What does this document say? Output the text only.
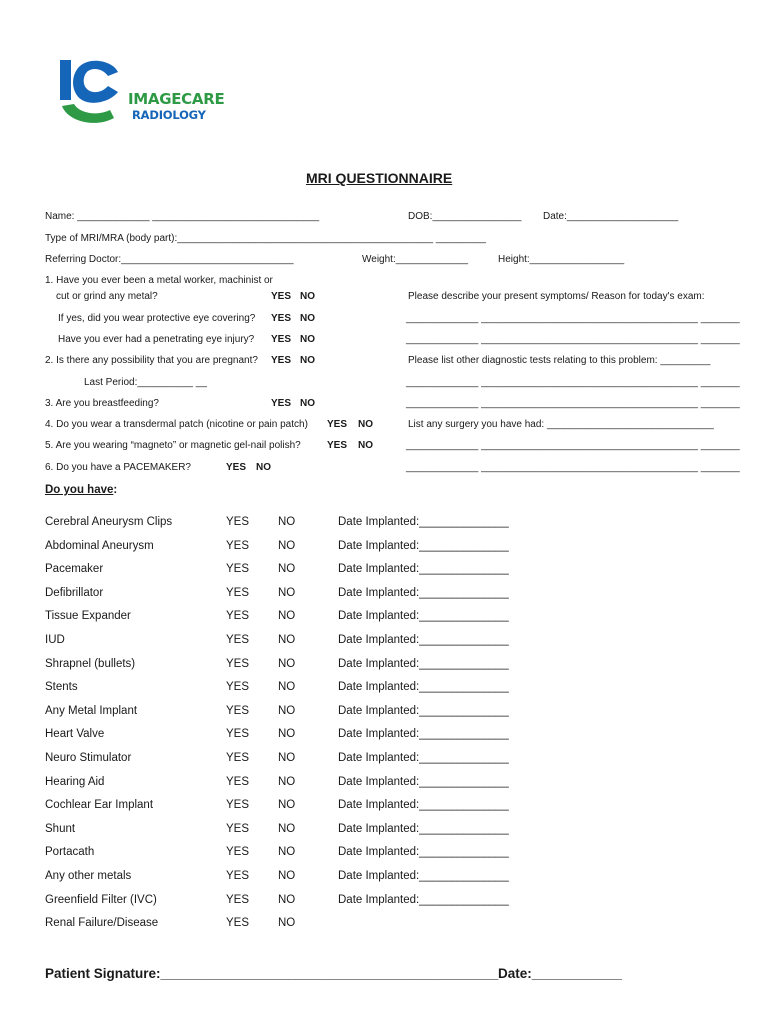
IMAGECARE
RADIOLOGY
MRI QUESTIONNAIRE
Name: _____________ ______________________________	DOB:________________ Date:____________________
Type of MRI/MRA (body part):______________________________________________ _________
Referring Doctor:_______________________________	Weight:_____________	Height:_________________
1. Have you ever been a metal worker, machinist or
cut or grind any metal?	YES NO
If yes, did you wear protective eye covering? YES NO
Have you ever had a penetrating eye injury? YES NO
2. Is there any possibility that you are pregnant? YES NO
Last Period:__________ __
3. Are you breastfeeding?	YES NO
4. Do you wear a transdermal patch (nicotine or pain patch) YES NO
5. Are you wearing “magneto” or magnetic gel-nail polish?	YES NO
6. Do you have a PACEMAKER?	YES NO
Please describe your present symptoms/ Reason for today's exam:
_____________ _______________________________________ _______
_____________ _______________________________________ _______
Please list other diagnostic tests relating to this problem: _________
_____________ _______________________________________ _______
_____________ _______________________________________ _______
List any surgery you have had: ______________________________
_____________ _______________________________________ _______
_____________ _______________________________________ _______
Do you have:
Cerebral Aneurysm Clips	YES	NO	Date Implanted:______________
Abdominal Aneurysm	YES	NO	Date Implanted:______________
Pacemaker	YES	NO	Date Implanted:______________
Defibrillator	YES	NO	Date Implanted:______________
Tissue Expander	YES	NO	Date Implanted:______________
IUD	YES	NO	Date Implanted:______________
Shrapnel (bullets)	YES	NO	Date Implanted:______________
Stents	YES	NO	Date Implanted:______________
Any Metal Implant	YES	NO	Date Implanted:______________
Heart Valve	YES	NO	Date Implanted:______________
Neuro Stimulator	YES	NO	Date Implanted:______________
Hearing Aid	YES	NO	Date Implanted:______________
Cochlear Ear Implant	YES	NO	Date Implanted:______________
Shunt	YES	NO	Date Implanted:______________
Portacath	YES	NO	Date Implanted:______________
Any other metals	YES	NO	Date Implanted:______________
Greenfield Filter (IVC)	YES	NO	Date Implanted:______________
Renal Failure/Disease	YES	NO
Patient Signature:_____________________________________________ Date:____________
